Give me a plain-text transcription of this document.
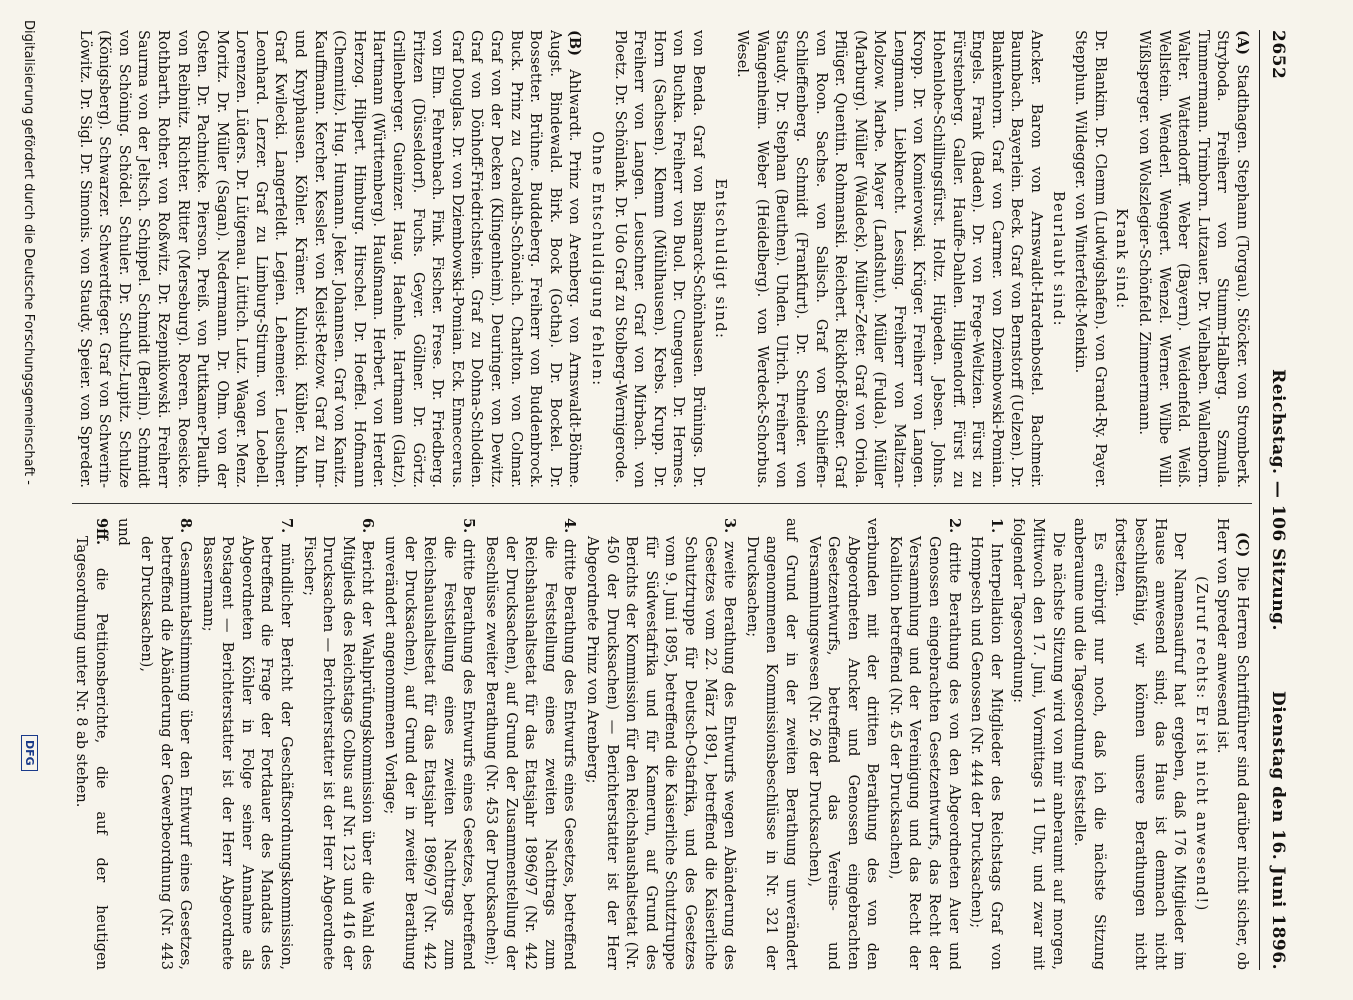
2652
Reichstag. — 106 Sitzung.
Dienstag den 16. Juni 1896.

(A) Stadthagen. Stephann (Torgau). Stöcker. von Stromberk. Stryboda. Freiherr von Stumm-Halberg. Szmula. Timmermann. Trimborn. Lutzauer. Dr. Vielhaben. Wallenborn. Walter. Wattendorff. Weber (Bayern). Weidenfeld. Weiß. Wellstein. Wenderl. Wengert. Wenzel. Werner. Wilbe Will. Wißlsperger. von Wolszlegier-Schönfeld. Zimmermann.

Krank sind:

Dr. Blankim. Dr. Clemm (Ludwigshafen). von Grand-Ry. Payer. Stepphun. Wildegger. von Winterfeldt-Menkin.

Beurlaubt sind:

Ancker. Baron von Arnswaldt-Hardenbostel. Bachmeir. Baumbach. Bayerlein. Beck. Graf von Bernstorff (Uelzen). Dr. Blankenhorn. Graf von Carmer. von Dziembowski-Pomian. Engels. Frank (Baden). Dr. von Frege-Weltzien. Fürst zu Fürstenberg. Galler. Hauffe-Dahlen. Hilgendorff. Fürst zu Hohenlohe-Schillingsfürst. Holtz. Hüpeden. Jebsen. Johns. Kropp. Dr. von Komierowski. Krüger. Freiherr von Langen. Lengmann. Liebknecht. Lessing. Freiherr von Maltzan-Molzow. Marbe. Mayer (Landshut). Müller (Fulda). Müller (Marburg). Müller (Waldeck). Müller-Zeter. Graf von Oriola. Pflüger. Quentin. Rohmanski. Reichert. Rickhof-Bödmer. Graf von Roon. Sachse. von Salisch. Graf von Schlieffen-Schlieffenberg. Schmidt (Frankfurt). Dr. Schneider. von Staudy. Dr. Stephan (Beuthen). Uhden. Ulrich. Freiherr von Wangenheim. Weber (Heidelberg). von Werdeck-Schorbus. Wesel.

Entschuldigt sind:

von Benda. Graf von Bismarck-Schönhausen. Brünings. Dr. von Buchka. Freiherr von Buol. Dr. Cuneguen. Dr. Hermes. Horn (Sachsen). Klemm (Mühlhausen). Krebs. Krupp. Dr. Freiherr von Langen. Leuschner. Graf von Mirbach. von Ploetz. Dr. Schönlank. Dr. Udo Graf zu Stolberg-Wernigerode.

Ohne Entschuldigung fehlen:

(B) Ahlwardt. Prinz von Arenberg. von Arnswaldt-Böhme. Augst. Bindewald. Birk. Bock (Gotha). Dr. Bockel. Dr. Bossetter. Brühne. Buddeberg. Freiherr von Buddenbrock. Buck. Prinz zu Carolath-Schönaich. Charlton. von Colmar. Graf von der Decken (Klingenheim). Deuringer. von Dewitz. Graf von Dönhoff-Friedrichstein. Graf zu Dohna-Schlodien. Graf Douglas. Dr. von Dziembowski-Pomian. Eck. Enneccerus. von Elm. Fehrenbach. Fink. Fischer. Frese. Dr. Friedberg. Fritzen (Düsseldorf). Fuchs. Geyer. Göllner. Dr. Görtz. Grillenberger. Gueinzer. Haug. Haehnle. Hartmann (Glatz). Hartmann (Württemberg). Haußmann. Herbert. von Herder. Herzog. Hilpert. Himburg. Hirschel. Dr. Hoeffel. Hofmann (Chemnitz). Hug. Humann. Jeker. Johannsen. Graf von Kanitz. Kauffmann. Kercher. Kessler. von Kleist-Retzow. Graf zu Inn- und Knyphausen. Köhler. Krämer. Kulnicki. Kübler. Kuhn. Graf Kwilecki. Langerfeldt. Legien. Lehemeier. Leuschner. Leonhard. Lerzer. Graf zu Limburg-Stirum. von Loebell. Lorenzen. Lüders. Dr. Lütgenau. Lüttich. Lutz. Waager. Menz. Moritz. Dr. Müller (Sagan). Nedermann. Dr. Ohm. von der Osten. Dr. Pachnicke. Pierson. Preiß. von Puttkamer-Plauth. von Reibnitz. Richter. Ritter (Merseburg). Roeren. Roesicke. Rothbarth. Rother. von Roßwitz. Dr. Rzepnikowski. Freiherr Saurma von der Jeltsch. Schippel. Schmidt (Berlin). Schmidt von Schöning. Schödel. Schuler. Dr. Schultz-Lupitz. Schulze (Königsberg). Schwarzer. Schwerdtfeger. Graf von Schwerin-Löwitz. Dr. Sigl. Dr. Simonis. von Staudy. Speier. von Spreder.

(C) Die Herren Schriftführer sind darüber nicht sicher, ob Herr von Spreder anwesend ist.

(Zuruf rechts: Er ist nicht anwesend!)

Der Namensaufruf hat ergeben, daß 176 Mitglieder im Hause anwesend sind; das Haus ist demnach nicht beschlußfähig, wir können unsere Berathungen nicht fortsetzen.

Es erübrigt nur noch, daß ich die nächste Sitzung anberaume und die Tagesordnung feststelle.

Die nächste Sitzung wird von mir anberaumt auf morgen, Mittwoch den 17. Juni, Vormittags 11 Uhr, und zwar mit folgender Tagesordnung:

1. Interpellation der Mitglieder des Reichstags Graf von Hompesch und Genossen (Nr. 444 der Drucksachen);

2. dritte Berathung des von den Abgeordneten Auer und Genossen eingebrachten Gesetzentwurfs, das Recht der Versammlung und der Vereinigung und das Recht der Koalition betreffend (Nr. 45 der Drucksachen),

verbunden mit der dritten Berathung des von den Abgeordneten Ancker und Genossen eingebrachten Gesetzentwurfs, betreffend das Vereins- und Versammlungswesen (Nr. 26 der Drucksachen),

auf Grund der in der zweiten Berathung unverändert angenommenen Kommissionsbeschlüsse in Nr. 321 der Drucksachen;

3. zweite Berathung des Entwurfs wegen Abänderung des Gesetzes vom 22. März 1891, betreffend die Kaiserliche Schutztruppe für Deutsch-Ostafrika, und des Gesetzes vom 9. Juni 1895, betreffend die Kaiserliche Schutztruppe für Südwestafrika und für Kamerun, auf Grund des Berichts der Kommission für den Reichshaushaltsetat (Nr. 450 der Drucksachen) — Berichterstatter ist der Herr Abgeordnete Prinz von Arenberg;

4. dritte Berathung des Entwurfs eines Gesetzes, betreffend die Feststellung eines zweiten Nachtrags zum Reichshaushaltsetat für das Etatsjahr 1896/97 (Nr. 442 der Drucksachen), auf Grund der Zusammenstellung der Beschlüsse zweiter Berathung (Nr. 453 der Drucksachen);

5. dritte Berathung des Entwurfs eines Gesetzes, betreffend die Feststellung eines zweiten Nachtrags zum Reichshaushaltsetat für das Etatsjahr 1896/97 (Nr. 442 der Drucksachen), auf Grund der in zweiter Berathung unverändert angenommenen Vorlage;

6. Bericht der Wahlprüfungskommission über die Wahl des Mitglieds des Reichstags Colbus auf Nr. 123 und 416 der Drucksachen — Berichterstatter ist der Herr Abgeordnete Fischer;

7. mündlicher Bericht der Geschäftsordnungskommission, betreffend die Frage der Fortdauer des Mandats des Abgeordneten Köhler in Folge seiner Annahme als Postagent — Berichterstatter ist der Herr Abgeordnete Bassermann;

8. Gesammtabstimmung über den Entwurf eines Gesetzes, betreffend die Abänderung der Gewerbeordnung (Nr. 443 der Drucksachen),

und

9ff. die Petitionsberichte, die auf der heutigen Tagesordnung unter Nr. 8 ab stehen.

Digitalisierung gefördert durch die Deutsche Forschungsgemeinschaft -
DFG
